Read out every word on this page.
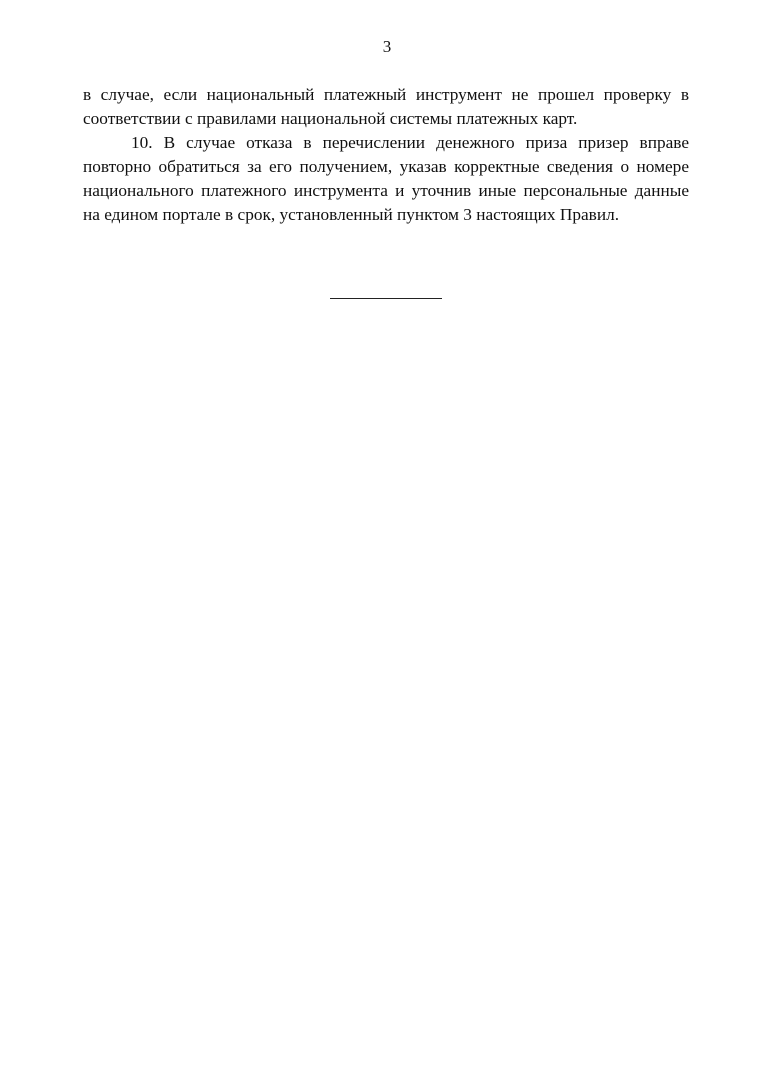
3

в случае, если национальный платежный инструмент не прошел проверку в соответствии с правилами национальной системы платежных карт.

10. В случае отказа в перечислении денежного приза призер вправе повторно обратиться за его получением, указав корректные сведения о номере национального платежного инструмента и уточнив иные персональные данные на едином портале в срок, установленный пунктом 3 настоящих Правил.
